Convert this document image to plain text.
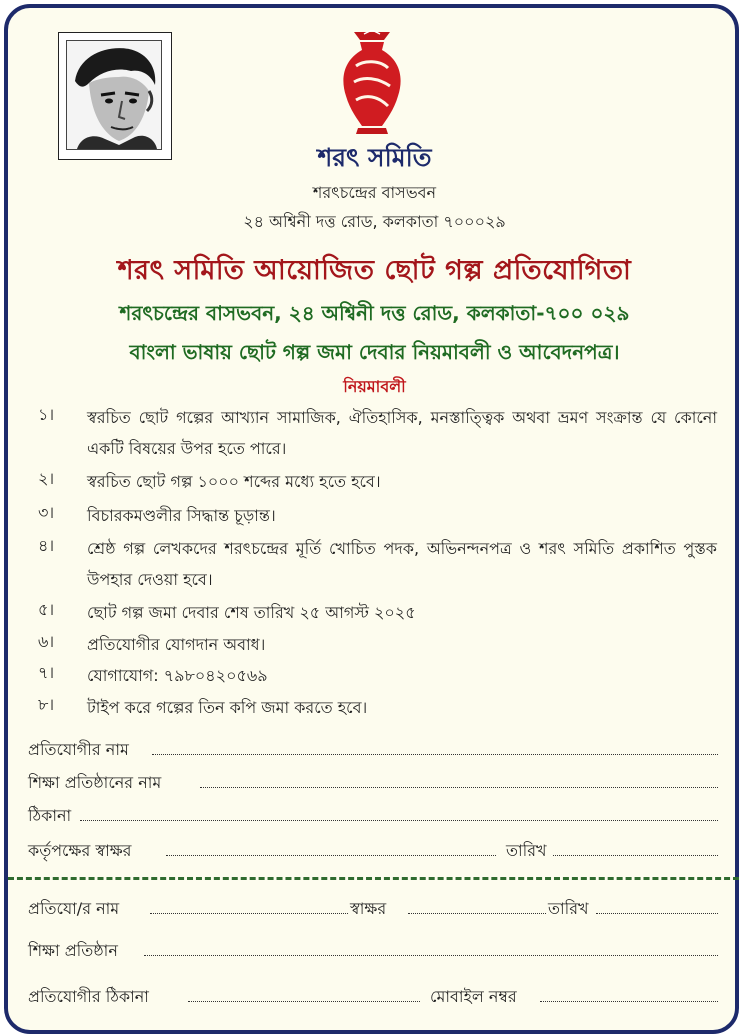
শরৎ সমিতি
শরৎচন্দ্রের বাসভবন
২৪ অশ্বিনী দত্ত রোড, কলকাতা ৭০০০২৯
শরৎ সমিতি আয়োজিত ছোট গল্প প্রতিযোগিতা
শরৎচন্দ্রের বাসভবন, ২৪ অশ্বিনী দত্ত রোড, কলকাতা-৭০০ ০২৯
বাংলা ভাষায় ছোট গল্প জমা দেবার নিয়মাবলী ও আবেদনপত্র।
নিয়মাবলী
১। স্বরচিত ছোট গল্পের আখ্যান সামাজিক, ঐতিহাসিক, মনস্তাত্ত্বিক অথবা ভ্রমণ সংক্রান্ত যে কোনো একটি বিষয়ের উপর হতে পারে।
২। স্বরচিত ছোট গল্প ১০০০ শব্দের মধ্যে হতে হবে।
৩। বিচারকমণ্ডলীর সিদ্ধান্ত চূড়ান্ত।
৪। শ্রেষ্ঠ গল্প লেখকদের শরৎচন্দ্রের মূর্তি খোচিত পদক, অভিনন্দনপত্র ও শরৎ সমিতি প্রকাশিত পুস্তক উপহার দেওয়া হবে।
৫। ছোট গল্প জমা দেবার শেষ তারিখ ২৫ আগস্ট ২০২৫
৬। প্রতিযোগীর যোগদান অবাধ।
৭। যোগাযোগ: ৭৯৮০৪২০৫৬৯
৮। টাইপ করে গল্পের তিন কপি জমা করতে হবে।
প্রতিযোগীর নাম
শিক্ষা প্রতিষ্ঠানের নাম
ঠিকানা
কর্তৃপক্ষের স্বাক্ষর	তারিখ
প্রতিযো/র নাম	স্বাক্ষর	তারিখ
শিক্ষা প্রতিষ্ঠান
প্রতিযোগীর ঠিকানা	মোবাইল নম্বর
